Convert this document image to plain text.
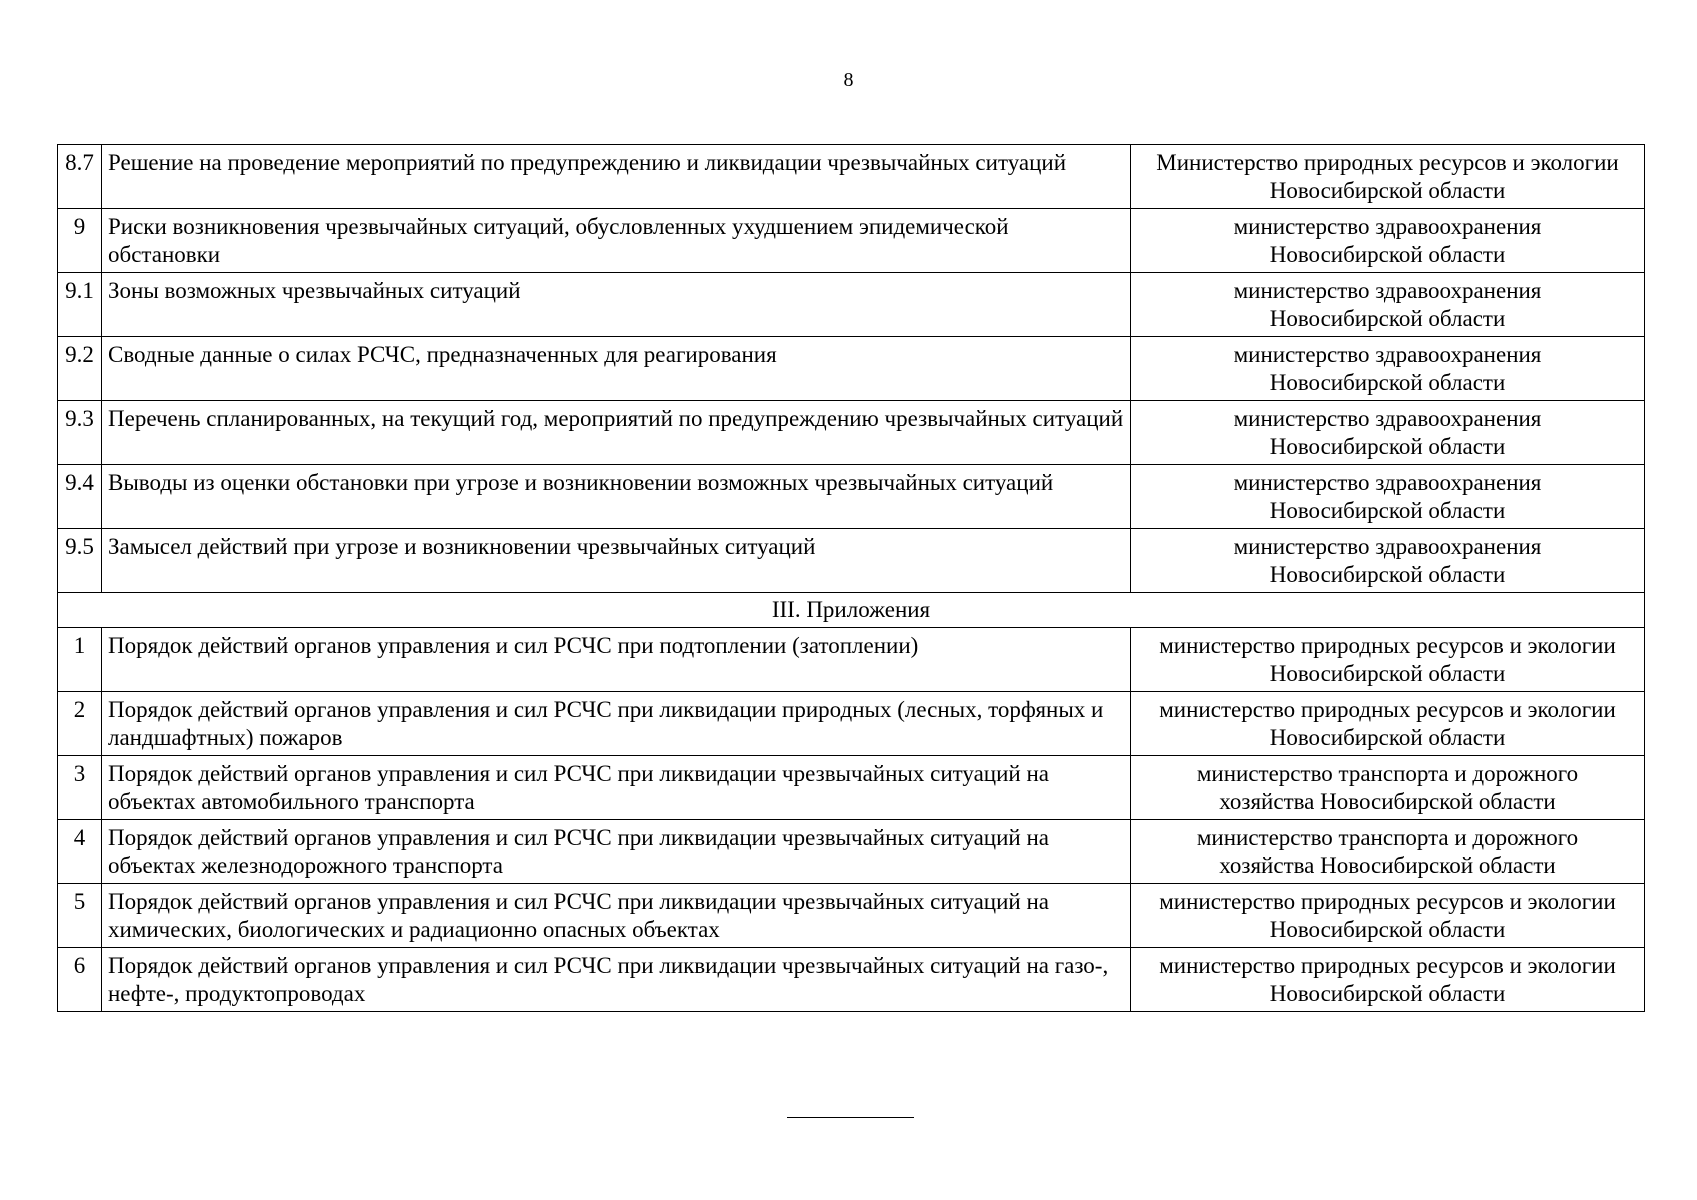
8
8.7	Решение на проведение мероприятий по предупреждению и ликвидации чрезвычайных ситуаций	Министерство природных ресурсов и экологии
Новосибирской области
9	Риски возникновения чрезвычайных ситуаций, обусловленных ухудшением эпидемической обстановки	министерство здравоохранения
Новосибирской области
9.1	Зоны возможных чрезвычайных ситуаций	министерство здравоохранения
Новосибирской области
9.2	Сводные данные о силах РСЧС, предназначенных для реагирования	министерство здравоохранения
Новосибирской области
9.3	Перечень спланированных, на текущий год, мероприятий по предупреждению чрезвычайных ситуаций	министерство здравоохранения
Новосибирской области
9.4	Выводы из оценки обстановки при угрозе и возникновении возможных чрезвычайных ситуаций	министерство здравоохранения
Новосибирской области
9.5	Замысел действий при угрозе и возникновении чрезвычайных ситуаций	министерство здравоохранения
Новосибирской области
III. Приложения		
1	Порядок действий органов управления и сил РСЧС при подтоплении (затоплении)	министерство природных ресурсов и экологии
Новосибирской области
2	Порядок действий органов управления и сил РСЧС при ликвидации природных (лесных, торфяных и ландшафтных) пожаров	министерство природных ресурсов и экологии
Новосибирской области
3	Порядок действий органов управления и сил РСЧС при ликвидации чрезвычайных ситуаций на объектах автомобильного транспорта	министерство транспорта и дорожного
хозяйства Новосибирской области
4	Порядок действий органов управления и сил РСЧС при ликвидации чрезвычайных ситуаций на объектах железнодорожного транспорта	министерство транспорта и дорожного
хозяйства Новосибирской области
5	Порядок действий органов управления и сил РСЧС при ликвидации чрезвычайных ситуаций на химических, биологических и радиационно опасных объектах	министерство природных ресурсов и экологии
Новосибирской области
6	Порядок действий органов управления и сил РСЧС при ликвидации чрезвычайных ситуаций на газо-, нефте-, продуктопроводах	министерство природных ресурсов и экологии
Новосибирской области
